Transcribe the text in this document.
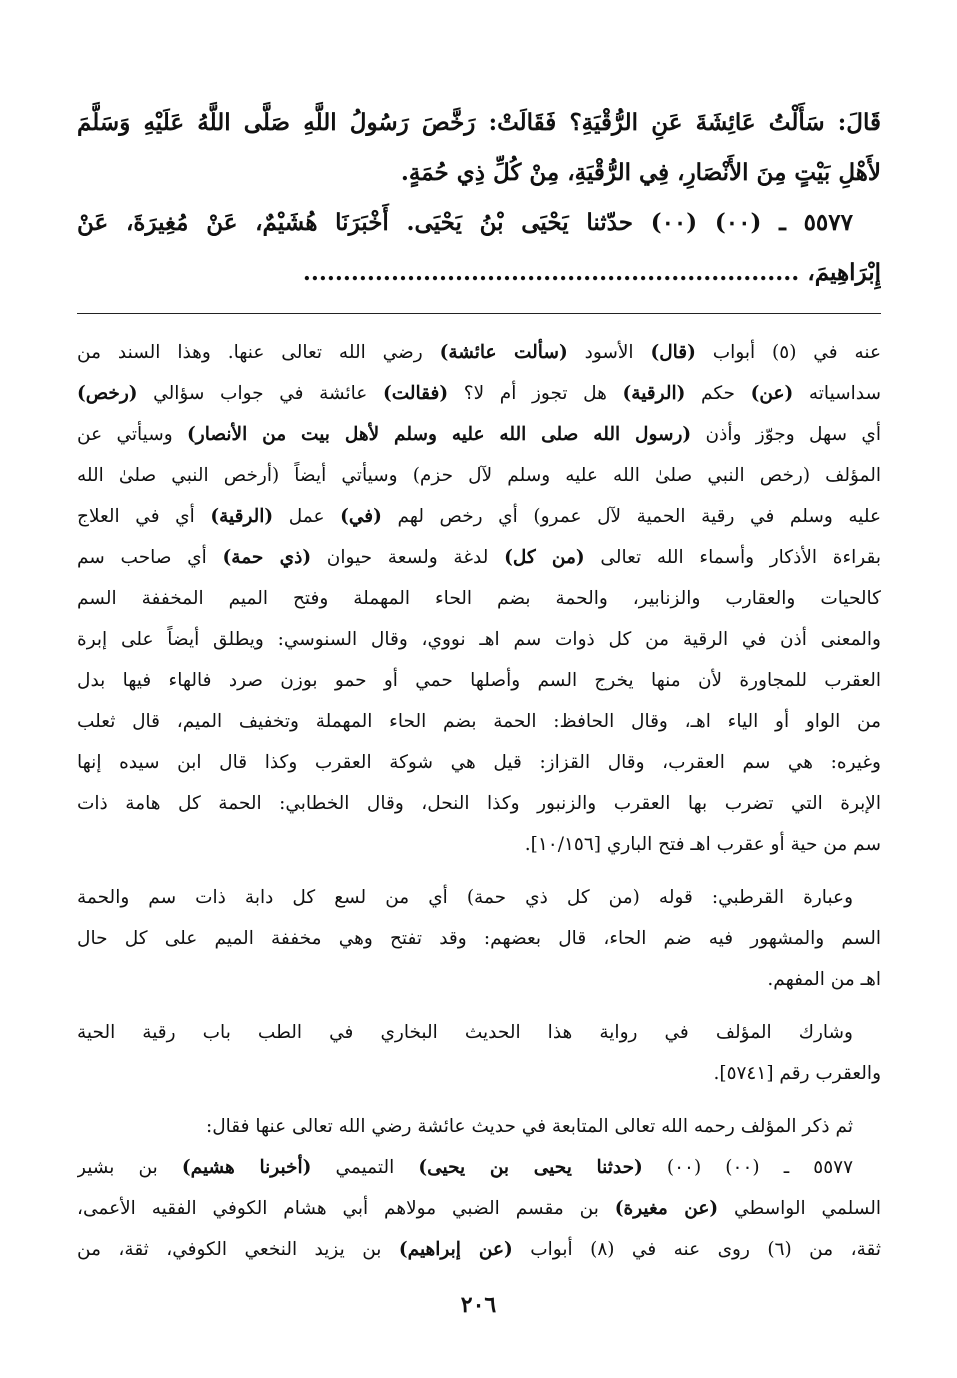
قَالَ: سَأَلْتُ عَائِشَةَ عَنِ الرُّقْيَةِ؟ فَقَالَتْ: رَخَّصَ رَسُولُ اللَّهِ صَلَّى اللَّهُ عَلَيْهِ وَسَلَّمَ
لأَهْلِ بَيْتٍ مِنَ الأَنْصَارِ، فِي الرُّقْيَةِ، مِنْ كُلِّ ذِي حُمَةٍ.
٥٥٧٧ ـ (٠٠) (٠٠) حدّثنا يَحْيَى بْنُ يَحْيَى. أَخْبَرَنَا هُشَيْمٌ، عَنْ مُغِيرَةَ، عَنْ
إِبْرَاهِيمَ، ..............................................................
عنه في (٥) أبواب (قال) الأسود (سألت عائشة) رضي الله تعالى عنها. وهذا السند من
سداسياته (عن) حكم (الرقية) هل تجوز أم لا؟ (فقالت) عائشة في جواب سؤالي (رخص)
أي سهل وجوّز وأذن (رسول الله صلى الله عليه وسلم لأهل بيت من الأنصار) وسيأتي عن
المؤلف (رخص النبي صلىٰ الله عليه وسلم لآل حزم) وسيأتي أيضاً (أرخص النبي صلىٰ الله
عليه وسلم في رقية الحمية لآل عمرو) أي رخص لهم (في) عمل (الرقية) أي في العلاج
بقراءة الأذكار وأسماء الله تعالى (من كل) لدغة ولسعة حيوان (ذي حمة) أي صاحب سم
كالحيات والعقارب والزنابير، والحمة بضم الحاء المهملة وفتح الميم المخففة السم
والمعنى أذن في الرقية من كل ذوات سم اهـ نووي، وقال السنوسي: ويطلق أيضاً على إبرة
العقرب للمجاورة لأن منها يخرج السم وأصلها حمي أو حمو بوزن صرد فالهاء فيها بدل
من الواو أو الياء اهـ، وقال الحافظ: الحمة بضم الحاء المهملة وتخفيف الميم، قال ثعلب
وغيره: هي سم العقرب، وقال القزاز: قيل هي شوكة العقرب وكذا قال ابن سيده إنها
الإبرة التي تضرب بها العقرب والزنبور وكذا النحل، وقال الخطابي: الحمة كل هامة ذات
سم من حية أو عقرب اهـ فتح الباري [١٠/١٥٦].
وعبارة القرطبي: قوله (من كل ذي حمة) أي من لسع كل دابة ذات سم والحمة
السم والمشهور فيه ضم الحاء، قال بعضهم: وقد تفتح وهي مخففة الميم على كل حال
اهـ من المفهم.
وشارك المؤلف في رواية هذا الحديث البخاري في الطب باب رقية الحية
والعقرب رقم [٥٧٤١].
ثم ذكر المؤلف رحمه الله تعالى المتابعة في حديث عائشة رضي الله تعالى عنها فقال:
٥٥٧٧ ـ (٠٠) (٠٠) (حدثنا يحيى بن يحيى) التميمي (أخبرنا هشيم) بن بشير
السلمي الواسطي (عن مغيرة) بن مقسم الضبي مولاهم أبي هشام الكوفي الفقيه الأعمى،
ثقة، من (٦) روى عنه في (٨) أبواب (عن إبراهيم) بن يزيد النخعي الكوفي، ثقة، من
٢٠٦
